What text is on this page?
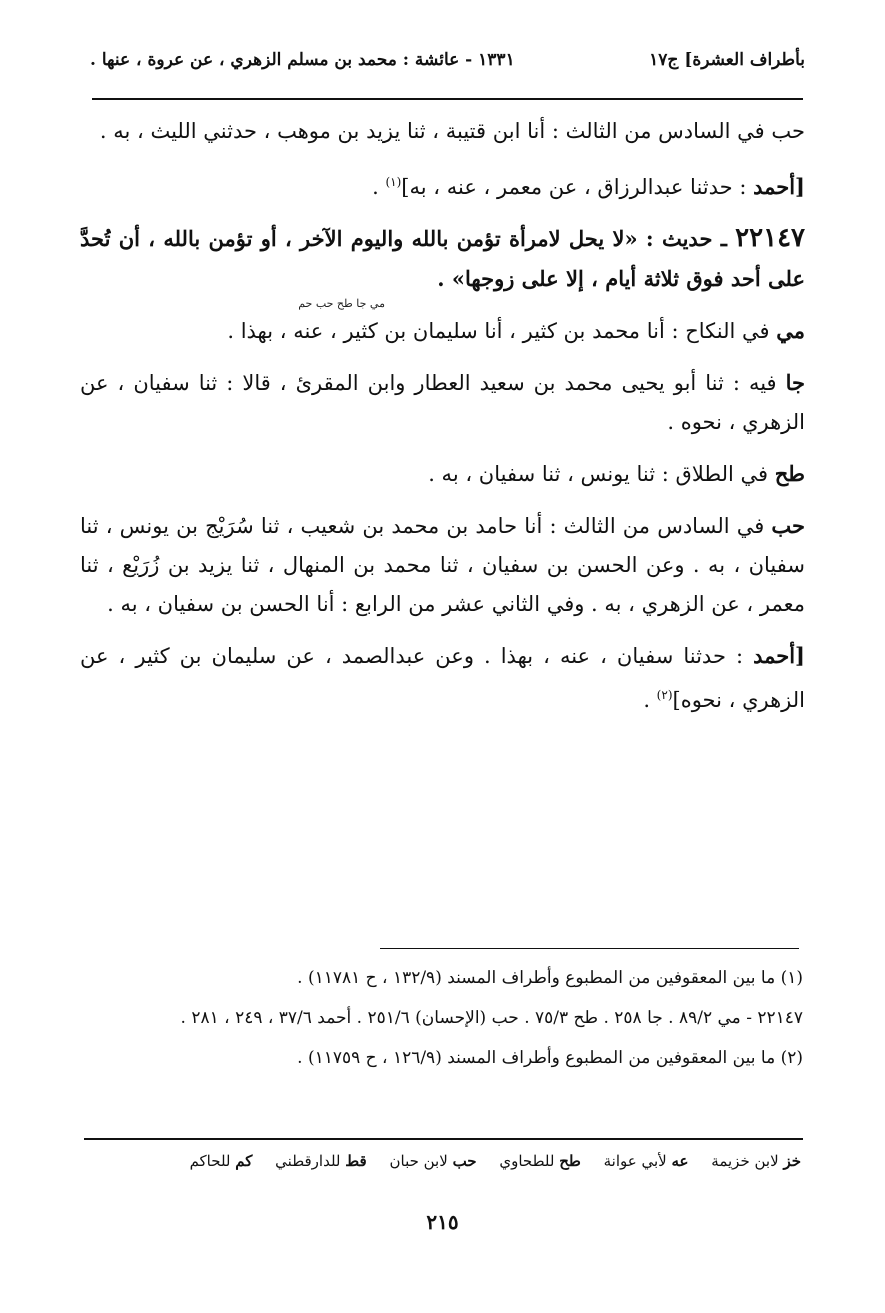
بأطراف العشرة] ج١٧
١٣٣١ - عائشة : محمد بن مسلم الزهري ، عن عروة ، عنها .

حب في السادس من الثالث : أنا ابن قتيبة ، ثنا يزيد بن موهب ، حدثني الليث ، به .

[أحمد : حدثنا عبدالرزاق ، عن معمر ، عنه ، به]$^{(١)}$ .

٢٢١٤٧ ـ حديث : «لا يحل لامرأة تؤمن بالله واليوم الآخر ، أو تؤمن بالله ، أن تُحدَّ على أحد فوق ثلاثة أيام ، إلا على زوجها» .

مي جا طح حب حم

مي في النكاح : أنا محمد بن كثير ، أنا سليمان بن كثير ، عنه ، بهذا .

جا فيه : ثنا أبو يحيى محمد بن سعيد العطار وابن المقرئ ، قالا : ثنا سفيان ، عن الزهري ، نحوه .

طح في الطلاق : ثنا يونس ، ثنا سفيان ، به .

حب في السادس من الثالث : أنا حامد بن محمد بن شعيب ، ثنا سُرَيْج بن يونس ، ثنا سفيان ، به . وعن الحسن بن سفيان ، ثنا محمد بن المنهال ، ثنا يزيد بن زُرَيْع ، ثنا معمر ، عن الزهري ، به . وفي الثاني عشر من الرابع : أنا الحسن بن سفيان ، به .

[أحمد : حدثنا سفيان ، عنه ، بهذا . وعن عبدالصمد ، عن سليمان بن كثير ، عن الزهري ، نحوه]$^{(٢)}$ .

(١) ما بين المعقوفين من المطبوع وأطراف المسند (١٣٢/٩ ، ح ١١٧٨١) .

٢٢١٤٧ - مي ٨٩/٢ . جا ٢٥٨ . طح ٧٥/٣ . حب (الإحسان) ٢٥١/٦ . أحمد ٣٧/٦ ، ٢٤٩ ، ٢٨١ .

(٢) ما بين المعقوفين من المطبوع وأطراف المسند (١٢٦/٩ ، ح ١١٧٥٩) .

خز لابن خزيمة عه لأبي عوانة طح للطحاوي حب لابن حبان قط للدارقطني كم للحاكم
٢١٥
